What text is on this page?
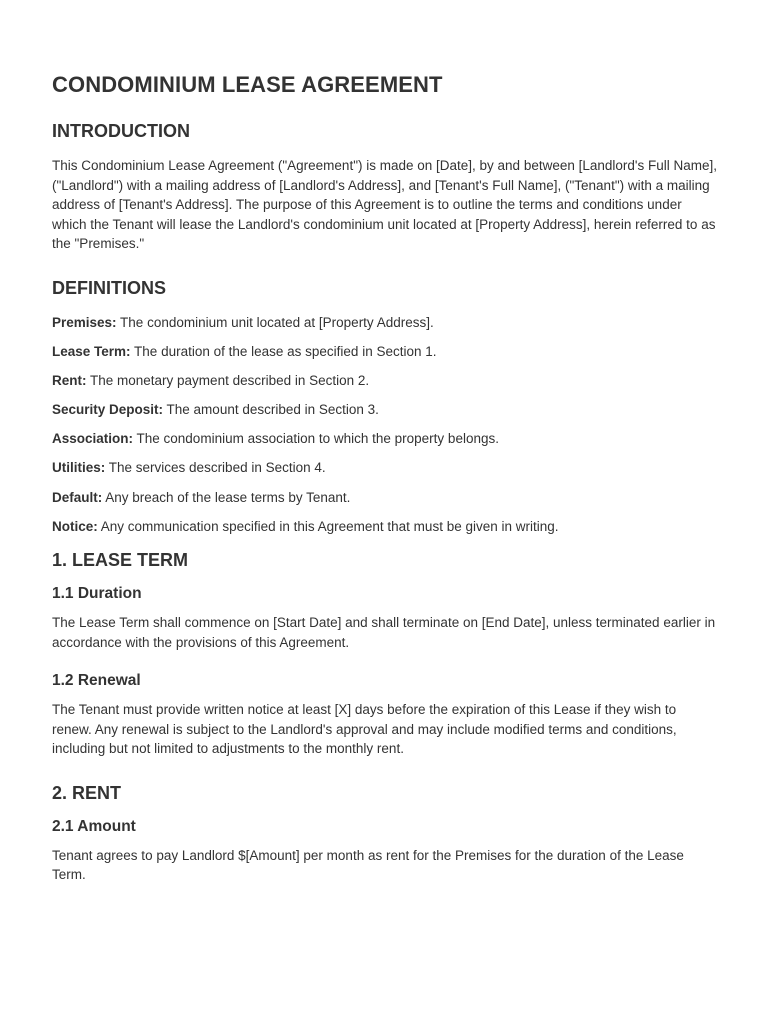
CONDOMINIUM LEASE AGREEMENT
INTRODUCTION

This Condominium Lease Agreement ("Agreement") is made on [Date], by and between [Landlord's Full Name], ("Landlord") with a mailing address of [Landlord's Address], and [Tenant's Full Name], ("Tenant") with a mailing address of [Tenant's Address]. The purpose of this Agreement is to outline the terms and conditions under which the Tenant will lease the Landlord's condominium unit located at [Property Address], herein referred to as the "Premises."

DEFINITIONS

Premises: The condominium unit located at [Property Address].

Lease Term: The duration of the lease as specified in Section 1.

Rent: The monetary payment described in Section 2.

Security Deposit: The amount described in Section 3.

Association: The condominium association to which the property belongs.

Utilities: The services described in Section 4.

Default: Any breach of the lease terms by Tenant.

Notice: Any communication specified in this Agreement that must be given in writing.

1. LEASE TERM
1.1 Duration

The Lease Term shall commence on [Start Date] and shall terminate on [End Date], unless terminated earlier in accordance with the provisions of this Agreement.

1.2 Renewal

The Tenant must provide written notice at least [X] days before the expiration of this Lease if they wish to renew. Any renewal is subject to the Landlord's approval and may include modified terms and conditions, including but not limited to adjustments to the monthly rent.

2. RENT
2.1 Amount

Tenant agrees to pay Landlord $[Amount] per month as rent for the Premises for the duration of the Lease Term.
